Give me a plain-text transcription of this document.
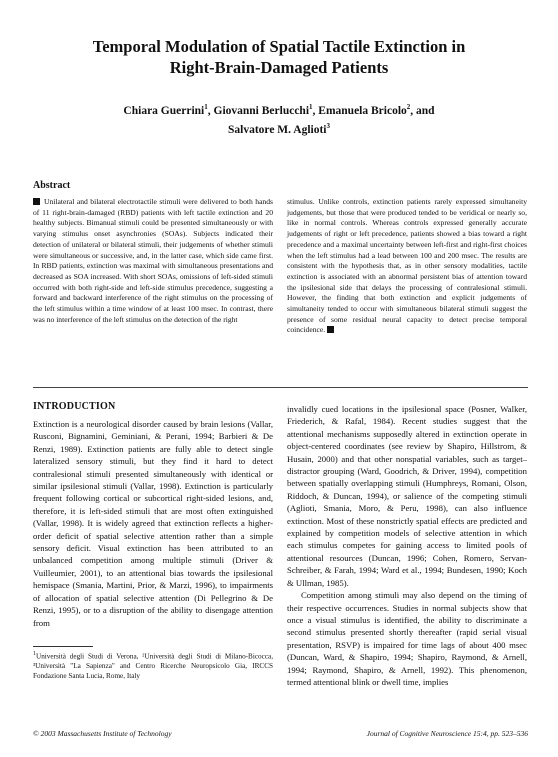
Temporal Modulation of Spatial Tactile Extinction in
Right-Brain-Damaged Patients
Chiara Guerrini$^1$, Giovanni Berlucchi$^1$, Emanuela Bricolo$^2$, and
Salvatore M. Aglioti$^3$
Abstract
Unilateral and bilateral electrotactile stimuli were delivered to both hands of 11 right-brain-damaged (RBD) patients with left tactile extinction and 20 healthy subjects. Bimanual stimuli could be presented simultaneously or with varying stimulus onset asynchronies (SOAs). Subjects indicated their detection of unilateral or bilateral stimuli, their judgements of whether stimuli were simultaneous or successive, and, in the latter case, which side came first. In RBD patients, extinction was maximal with simultaneous presentations and decreased as SOA increased. With short SOAs, omissions of left-sided stimuli occurred with both right-side and left-side stimulus precedence, suggesting a forward and backward interference of the right stimulus on the processing of the left stimulus within a time window of at least 100 msec. In contrast, there was no interference of the left stimulus on the detection of the right
stimulus. Unlike controls, extinction patients rarely expressed simultaneity judgements, but those that were produced tended to be veridical or nearly so, like in normal controls. Whereas controls expressed generally accurate judgements of right or left precedence, patients showed a bias toward a right precedence and a maximal uncertainty between left-first and right-first choices when the left stimulus had a lead between 100 and 200 msec. The results are consistent with the hypothesis that, as in other sensory modalities, tactile extinction is associated with an abnormal persistent bias of attention toward the ipsilesional side that delays the processing of contralesional stimuli. However, the finding that both extinction and explicit judgements of simultaneity tended to occur with simultaneous bilateral stimuli suggest the presence of some residual neural capacity to detect precise temporal coincidence.
INTRODUCTION

Extinction is a neurological disorder caused by brain lesions (Vallar, Rusconi, Bignamini, Geminiani, & Perani, 1994; Barbieri & De Renzi, 1989). Extinction patients are fully able to detect single lateralized sensory stimuli, but they find it hard to detect contralesional stimuli presented simultaneously with identical or similar ipsilesional stimuli (Vallar, 1998). Extinction is particularly frequent following cortical or subcortical right-sided lesions, and, therefore, it is left-sided stimuli that are most often extinguished (Vallar, 1998). It is widely agreed that extinction reflects a higher-order deficit of spatial selective attention rather than a simple sensory deficit. Visual extinction has been attributed to an unbalanced competition among multiple stimuli (Driver & Vuilleumier, 2001), to an attentional bias towards the ipsilesional hemispace (Smania, Martini, Prior, & Marzi, 1996), to impairments of allocation of spatial selective attention (Di Pellegrino & De Renzi, 1995), or to a disruption of the ability to disengage attention from

invalidly cued locations in the ipsilesional space (Posner, Walker, Friederich, & Rafal, 1984). Recent studies suggest that the attentional mechanisms supposedly altered in extinction operate in object-centered coordinates (see review by Shapiro, Hillstrom, & Husain, 2000) and that other nonspatial variables, such as target–distractor grouping (Ward, Goodrich, & Driver, 1994), competition between spatially overlapping stimuli (Humphreys, Romani, Olson, Riddoch, & Duncan, 1994), or salience of the competing stimuli (Aglioti, Smania, Moro, & Peru, 1998), can also influence extinction. Most of these nonstrictly spatial effects are predicted and explained by competition models of selective attention in which each stimulus competes for gaining access to limited pools of attentional resources (Duncan, 1996; Cohen, Romero, Servan-Schreiber, & Farah, 1994; Ward et al., 1994; Bundesen, 1990; Koch & Ullman, 1985).

Competition among stimuli may also depend on the timing of their respective occurrences. Studies in normal subjects show that once a visual stimulus is identified, the ability to discriminate a second stimulus presented shortly thereafter (rapid serial visual presentation, RSVP) is impaired for time lags of about 400 msec (Duncan, Ward, & Shapiro, 1994; Shapiro, Raymond, & Arnell, 1994; Raymond, Shapiro, & Arnell, 1992). This phenomenon, termed attentional blink or dwell time, implies

$^1$Università degli Studi di Verona, ²Università degli Studi di Milano-Bicocca, ³Università "La Sapienza" and Centro Ricerche Neuropsicolo Gia, IRCCS Fondazione Santa Lucia, Rome, Italy
© 2003 Massachusetts Institute of Technology	Journal of Cognitive Neuroscience 15:4, pp. 523–536
